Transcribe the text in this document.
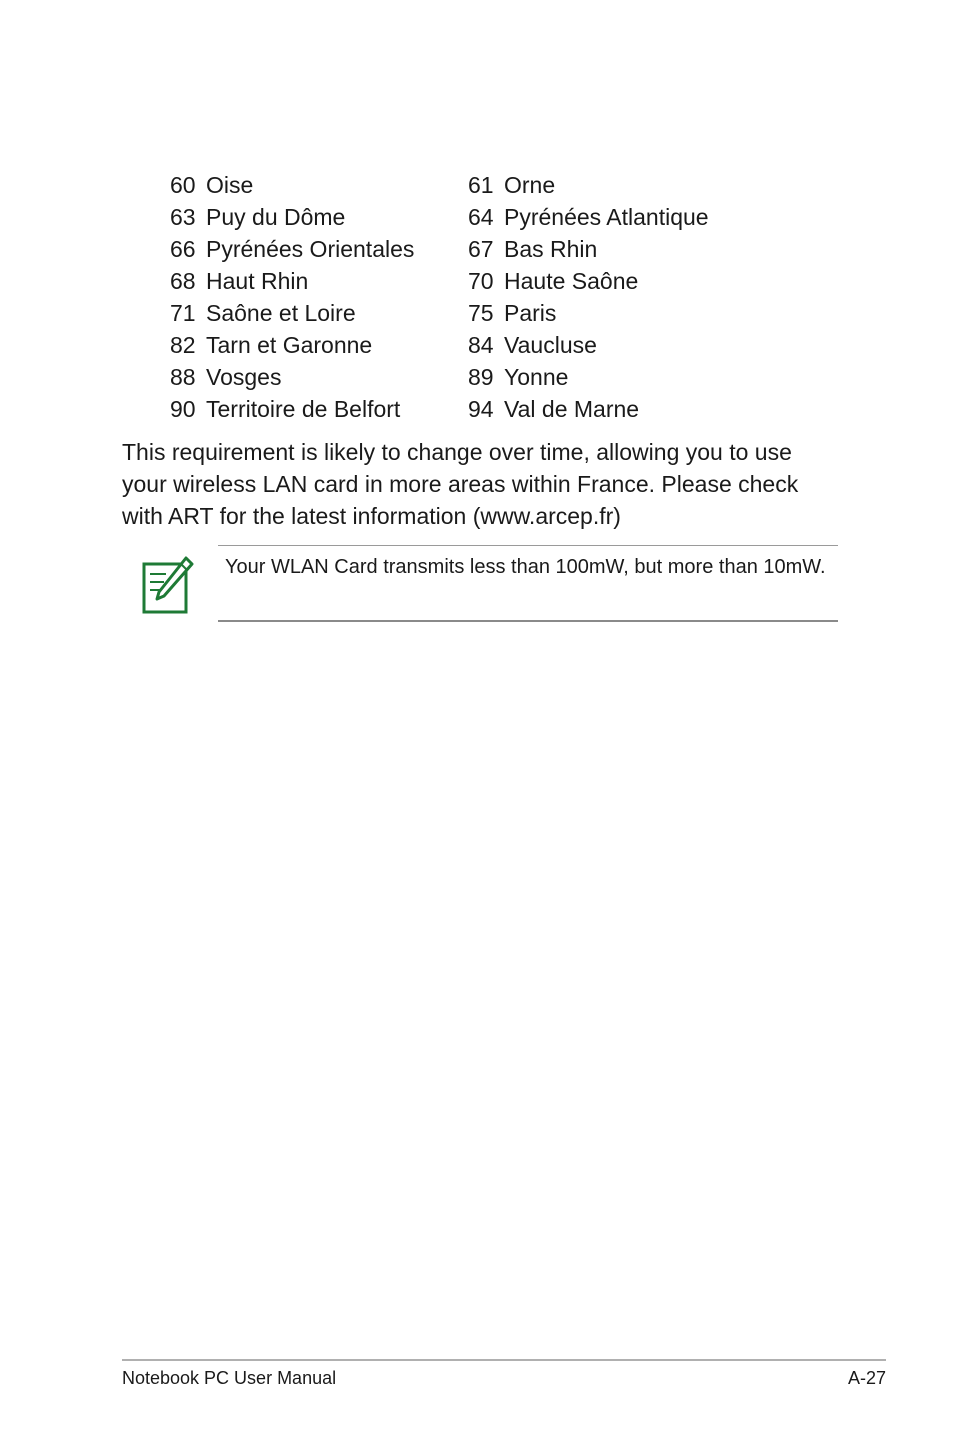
60 Oise	61 Orne
63 Puy du Dôme	64 Pyrénées Atlantique
66 Pyrénées Orientales 67 Bas Rhin
68 Haut Rhin	70 Haute Saône
71 Saône et Loire	75 Paris
82 Tarn et Garonne	84 Vaucluse
88 Vosges	89 Yonne
90 Territoire de Belfort	94 Val de Marne

This requirement is likely to change over time, allowing you to use your wireless LAN card in more areas within France. Please check with ART for the latest information (www.arcep.fr)

Your WLAN Card transmits less than 100mW, but more than 10mW.

Notebook PC User Manual	A-27
